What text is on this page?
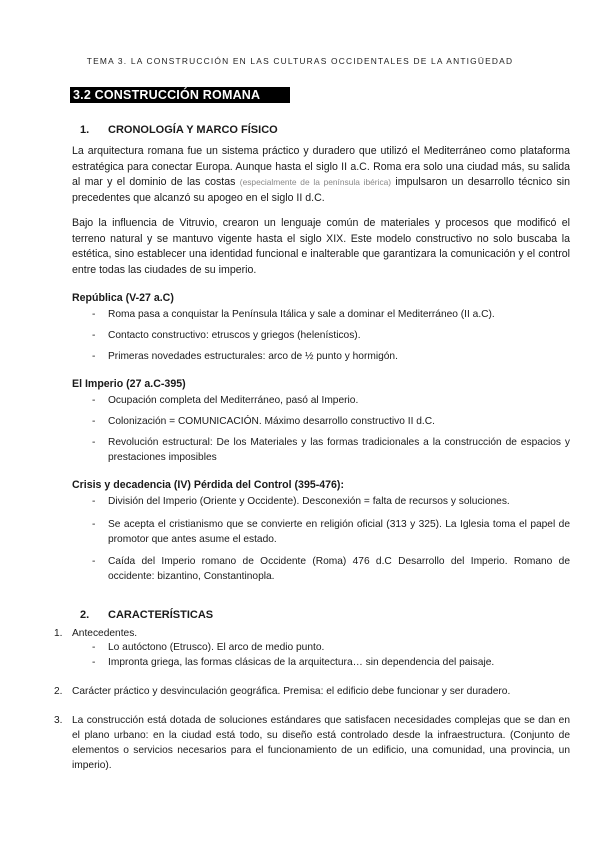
TEMA 3. LA CONSTRUCCIÓN EN LAS CULTURAS OCCIDENTALES DE LA ANTIGÜEDAD
3.2 CONSTRUCCIÓN ROMANA
1. CRONOLOGÍA Y MARCO FÍSICO
La arquitectura romana fue un sistema práctico y duradero que utilizó el Mediterráneo como plataforma estratégica para conectar Europa. Aunque hasta el siglo II a.C. Roma era solo una ciudad más, su salida al mar y el dominio de las costas (especialmente de la península ibérica) impulsaron un desarrollo técnico sin precedentes que alcanzó su apogeo en el siglo II d.C.
Bajo la influencia de Vitruvio, crearon un lenguaje común de materiales y procesos que modificó el terreno natural y se mantuvo vigente hasta el siglo XIX. Este modelo constructivo no solo buscaba la estética, sino establecer una identidad funcional e inalterable que garantizara la comunicación y el control entre todas las ciudades de su imperio.
República (V-27 a.C)
- Roma pasa a conquistar la Península Itálica y sale a dominar el Mediterráneo (II a.C).
- Contacto constructivo: etruscos y griegos (helenísticos).
- Primeras novedades estructurales: arco de ½ punto y hormigón.
El Imperio (27 a.C-395)
- Ocupación completa del Mediterráneo, pasó al Imperio.
- Colonización = COMUNICACIÓN. Máximo desarrollo constructivo II d.C.
- Revolución estructural: De los Materiales y las formas tradicionales a la construcción de espacios y prestaciones imposibles
Crisis y decadencia (IV) Pérdida del Control (395-476):
- División del Imperio (Oriente y Occidente). Desconexión = falta de recursos y soluciones.
- Se acepta el cristianismo que se convierte en religión oficial (313 y 325). La Iglesia toma el papel de promotor que antes asume el estado.
- Caída del Imperio romano de Occidente (Roma) 476 d.C Desarrollo del Imperio. Romano de occidente: bizantino, Constantinopla.
2. CARACTERÍSTICAS
1. Antecedentes.
- Lo autóctono (Etrusco). El arco de medio punto.
- Impronta griega, las formas clásicas de la arquitectura… sin dependencia del paisaje.
2. Carácter práctico y desvinculación geográfica. Premisa: el edificio debe funcionar y ser duradero.
3. La construcción está dotada de soluciones estándares que satisfacen necesidades complejas que se dan en el plano urbano: en la ciudad está todo, su diseño está controlado desde la infraestructura. (Conjunto de elementos o servicios necesarios para el funcionamiento de un edificio, una comunidad, una provincia, un imperio).
